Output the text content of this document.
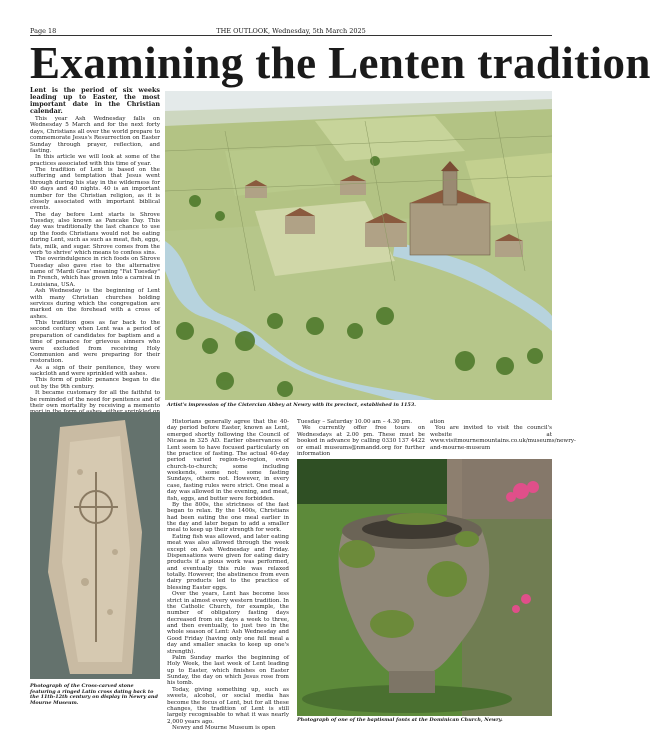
Page 18	THE OUTLOOK, Wednesday, 5th March 2025
Examining the Lenten tradition

Lent is the period of six weeks leading up to Easter, the most important date in the Christian calendar.

This year Ash Wednesday falls on Wednesday 5 March and for the next forty days, Christians all over the world prepare to commemorate Jesus's Resurrection on Easter Sunday through prayer, reflection, and fasting.

In this article we will look at some of the practices associated with this time of year.

The tradition of Lent is based on the suffering and temptation that Jesus went through during his stay in the wilderness for 40 days and 40 nights. 40 is an important number for the Christian religion, as it is closely associated with important biblical events.

The day before Lent starts is Shrove Tuesday, also known as Pancake Day. This day was traditionally the last chance to use up the foods Christians would not be eating during Lent, such as such as meat, fish, eggs, fats, milk, and sugar. Shrove comes from the verb 'to shrive' which means to confess sins.

The overindulgence in rich foods on Shrove Tuesday also gave rise to the alternative name of 'Mardi Gras' meaning "Fat Tuesday" in French, which has grown into a carnival in Louisiana, USA.

Ash Wednesday is the beginning of Lent with many Christian churches holding services during which the congregation are marked on the forehead with a cross of ashes.

This tradition goes as far back to the second century when Lent was a period of preparation of candidates for baptism and a time of penance for grievous sinners who were excluded from receiving Holy Communion and were preparing for their restoration.

As a sign of their penitence, they wore sackcloth and were sprinkled with ashes.

This form of public penance began to die out by the 9th century.

It became customary for all the faithful to be reminded of the need for penitence and of their own mortality by receiving a memento Artist's impression of the Cistercian Abbey at Newry with its precinct, established in 1153.
Photograph of the Cross-carved stone featuring a ringed Latin cross dating back to the 11th-12th century on display in Newry and Mourne Museum.

Historians generally agree that the 40-day period before Easter, known as Lent, emerged shortly following the Council of Nicaea in 325 AD. Earlier observances of Lent seem to have focused particularly on the practice of fasting. The actual 40-day period varied region-to-region, even church-to-church; some including weekends, some not; some fasting Sundays, others not. However, in every case, fasting rules were strict. One meal a day was allowed in the evening, and meat, fish, eggs, and butter were forbidden.

By the 800s, the strictness of the fast began to relax. By the 1400s, Christians had been eating the one meal earlier in the day and later began to add a smaller meal to keep up their strength for work.

Eating fish was allowed, and later eating meat was also allowed through the week except on Ash Wednesday and Friday. Dispensations were given for eating dairy products if a pious work was performed, and eventually this rule was relaxed totally. However, the abstinence from even dairy products led to the practice of blessing Easter eggs.

Over the years, Lent has become less strict in almost every western tradition. In the Catholic Church, for example, the number of obligatory fasting days decreased from six days a week to three, and then eventually, to just two in the whole season of Lent: Ash Wednesday and Good Friday (having only one full meal a day and smaller snacks to keep up one's strength).

Palm Sunday marks the beginning of Holy Week, the last week of Lent leading up to Easter, which finishes on Easter Sunday, the day on which Jesus rose from his tomb.

Today, giving something up, such as sweets, alcohol, or social media has become the focus of Lent, but for all these changes, the tradition of Lent is still largely recognisable to what it was nearly 2,000 years ago.

Newry and Mourne Museum is open

Tuesday – Saturday 10.00 am – 4.30 pm.

We currently offer free tours on Wednesdays at 2.00 pm. These must be booked in advance by calling 0330 137 4422 or email museums@nmandd.org for further information

ation

You are invited to visit the council's website at www.visitmournemountains.co.uk/museums/newry-and-mourne-museum

Photograph of one of the baptismal fonts at the Dominican Church, Newry.
